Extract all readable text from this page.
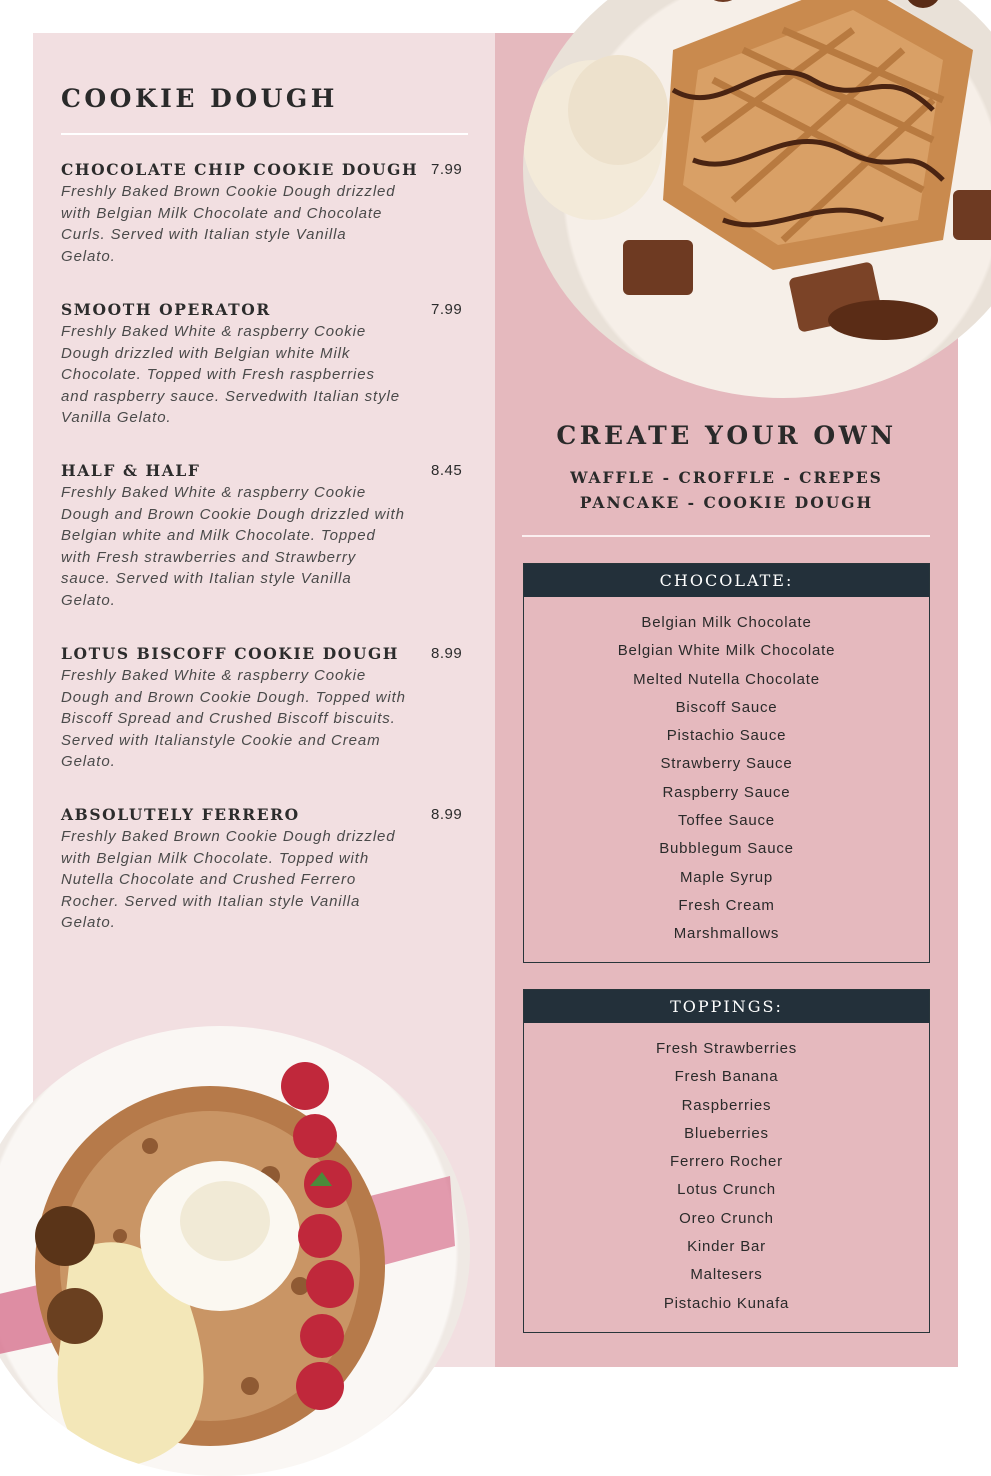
COOKIE DOUGH
CHOCOLATE CHIP COOKIE DOUGH 7.99
Freshly Baked Brown Cookie Dough drizzled with Belgian Milk Chocolate and Chocolate Curls. Served with Italian style Vanilla Gelato.
SMOOTH OPERATOR	7.99
Freshly Baked White & raspberry Cookie Dough drizzled with Belgian white Milk Chocolate. Topped with Fresh raspberries and raspberry sauce. Servedwith Italian style Vanilla Gelato.
HALF & HALF	8.45
Freshly Baked White & raspberry Cookie Dough and Brown Cookie Dough drizzled with Belgian white and Milk Chocolate. Topped with Fresh strawberries and Strawberry sauce. Served with Italian style Vanilla Gelato.
LOTUS BISCOFF COOKIE DOUGH	8.99
Freshly Baked White & raspberry Cookie Dough and Brown Cookie Dough. Topped with Biscoff Spread and Crushed Biscoff biscuits. Served with Italianstyle Cookie and Cream Gelato.
ABSOLUTELY FERRERO	8.99
Freshly Baked Brown Cookie Dough drizzled with Belgian Milk Chocolate. Topped with Nutella Chocolate and Crushed Ferrero Rocher. Served with Italian style Vanilla Gelato.
CREATE YOUR OWN
WAFFLE - CROFFLE - CREPES
PANCAKE - COOKIE DOUGH
CHOCOLATE:
Belgian Milk Chocolate
Belgian White Milk Chocolate
Melted Nutella Chocolate
Biscoff Sauce
Pistachio Sauce
Strawberry Sauce
Raspberry Sauce
Toffee Sauce
Bubblegum Sauce
Maple Syrup
Fresh Cream
Marshmallows
TOPPINGS:
Fresh Strawberries
Fresh Banana
Raspberries
Blueberries
Ferrero Rocher
Lotus Crunch
Oreo Crunch
Kinder Bar
Maltesers
Pistachio Kunafa
